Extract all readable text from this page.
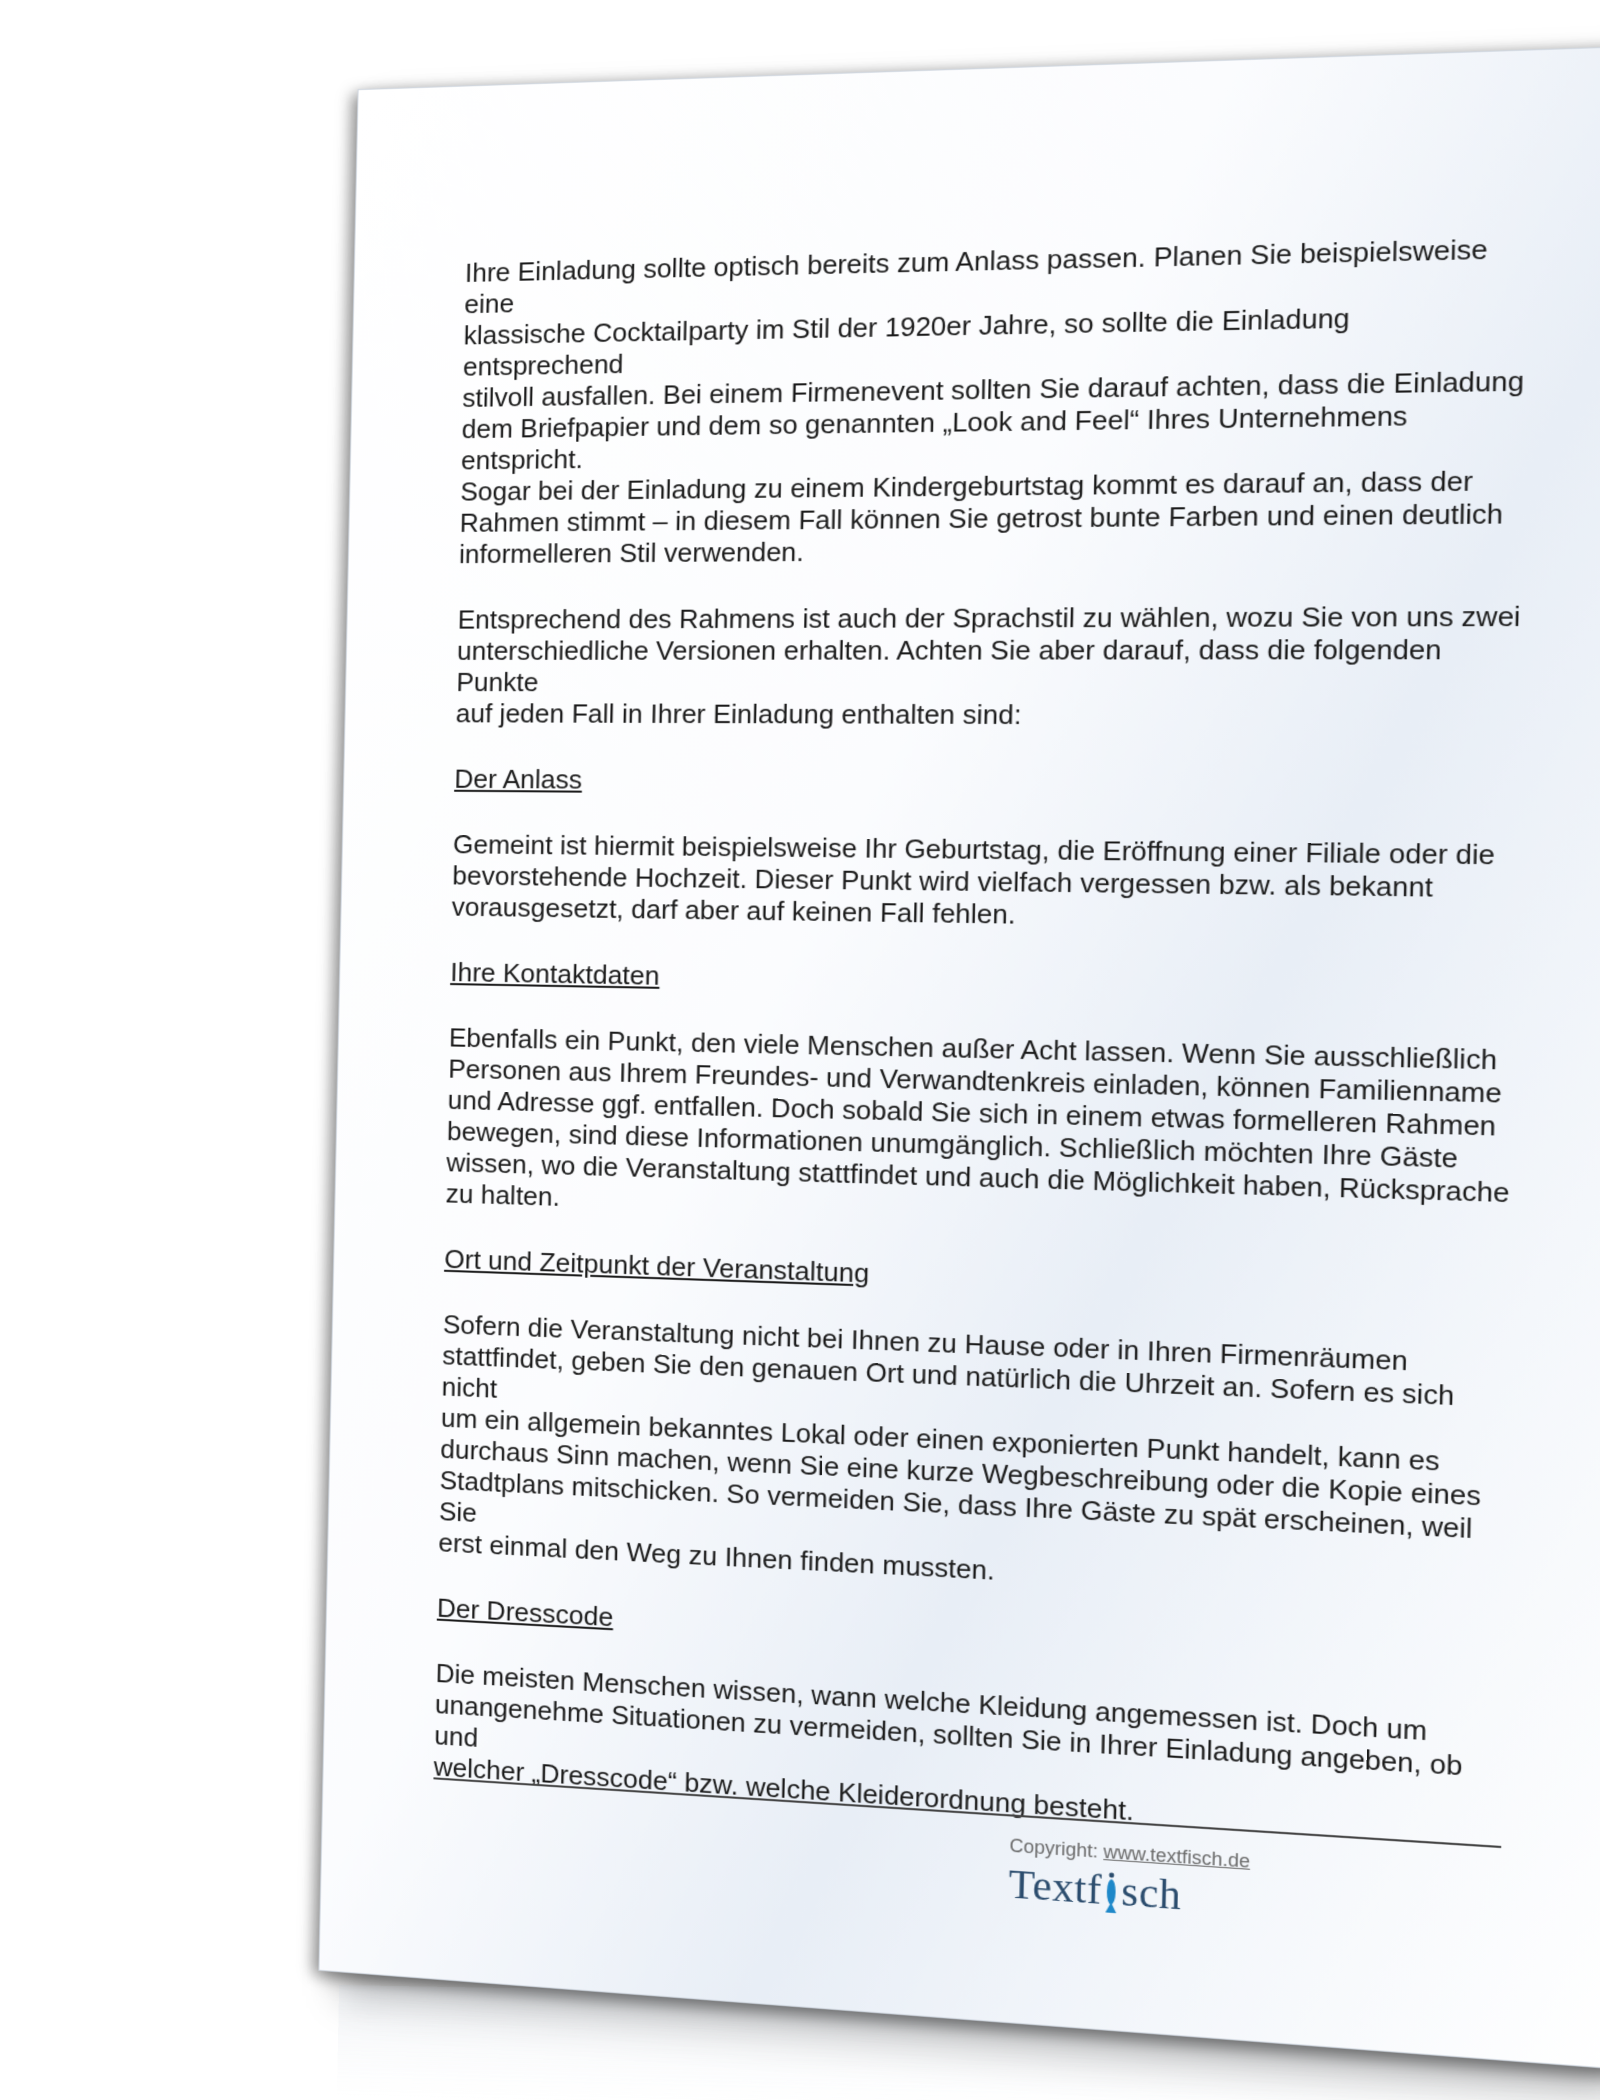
Ihre Einladung sollte optisch bereits zum Anlass passen. Planen Sie beispielsweise eine
klassische Cocktailparty im Stil der 1920er Jahre, so sollte die Einladung entsprechend
stilvoll ausfallen. Bei einem Firmenevent sollten Sie darauf achten, dass die Einladung
dem Briefpapier und dem so genannten „Look and Feel“ Ihres Unternehmens entspricht.
Sogar bei der Einladung zu einem Kindergeburtstag kommt es darauf an, dass der
Rahmen stimmt – in diesem Fall können Sie getrost bunte Farben und einen deutlich
informelleren Stil verwenden.

Entsprechend des Rahmens ist auch der Sprachstil zu wählen, wozu Sie von uns zwei
unterschiedliche Versionen erhalten. Achten Sie aber darauf, dass die folgenden Punkte
auf jeden Fall in Ihrer Einladung enthalten sind:

Der Anlass

Gemeint ist hiermit beispielsweise Ihr Geburtstag, die Eröffnung einer Filiale oder die
bevorstehende Hochzeit. Dieser Punkt wird vielfach vergessen bzw. als bekannt
vorausgesetzt, darf aber auf keinen Fall fehlen.

Ihre Kontaktdaten

Ebenfalls ein Punkt, den viele Menschen außer Acht lassen. Wenn Sie ausschließlich
Personen aus Ihrem Freundes- und Verwandtenkreis einladen, können Familienname
und Adresse ggf. entfallen. Doch sobald Sie sich in einem etwas formelleren Rahmen
bewegen, sind diese Informationen unumgänglich. Schließlich möchten Ihre Gäste
wissen, wo die Veranstaltung stattfindet und auch die Möglichkeit haben, Rücksprache
zu halten.

Ort und Zeitpunkt der Veranstaltung

Sofern die Veranstaltung nicht bei Ihnen zu Hause oder in Ihren Firmenräumen
stattfindet, geben Sie den genauen Ort und natürlich die Uhrzeit an. Sofern es sich nicht
um ein allgemein bekanntes Lokal oder einen exponierten Punkt handelt, kann es
durchaus Sinn machen, wenn Sie eine kurze Wegbeschreibung oder die Kopie eines
Stadtplans mitschicken. So vermeiden Sie, dass Ihre Gäste zu spät erscheinen, weil Sie
erst einmal den Weg zu Ihnen finden mussten.

Der Dresscode

Die meisten Menschen wissen, wann welche Kleidung angemessen ist. Doch um
unangenehme Situationen zu vermeiden, sollten Sie in Ihrer Einladung angeben, ob und
welcher „Dresscode“ bzw. welche Kleiderordnung besteht.

Copyright: www.textfisch.de
Textf sch
